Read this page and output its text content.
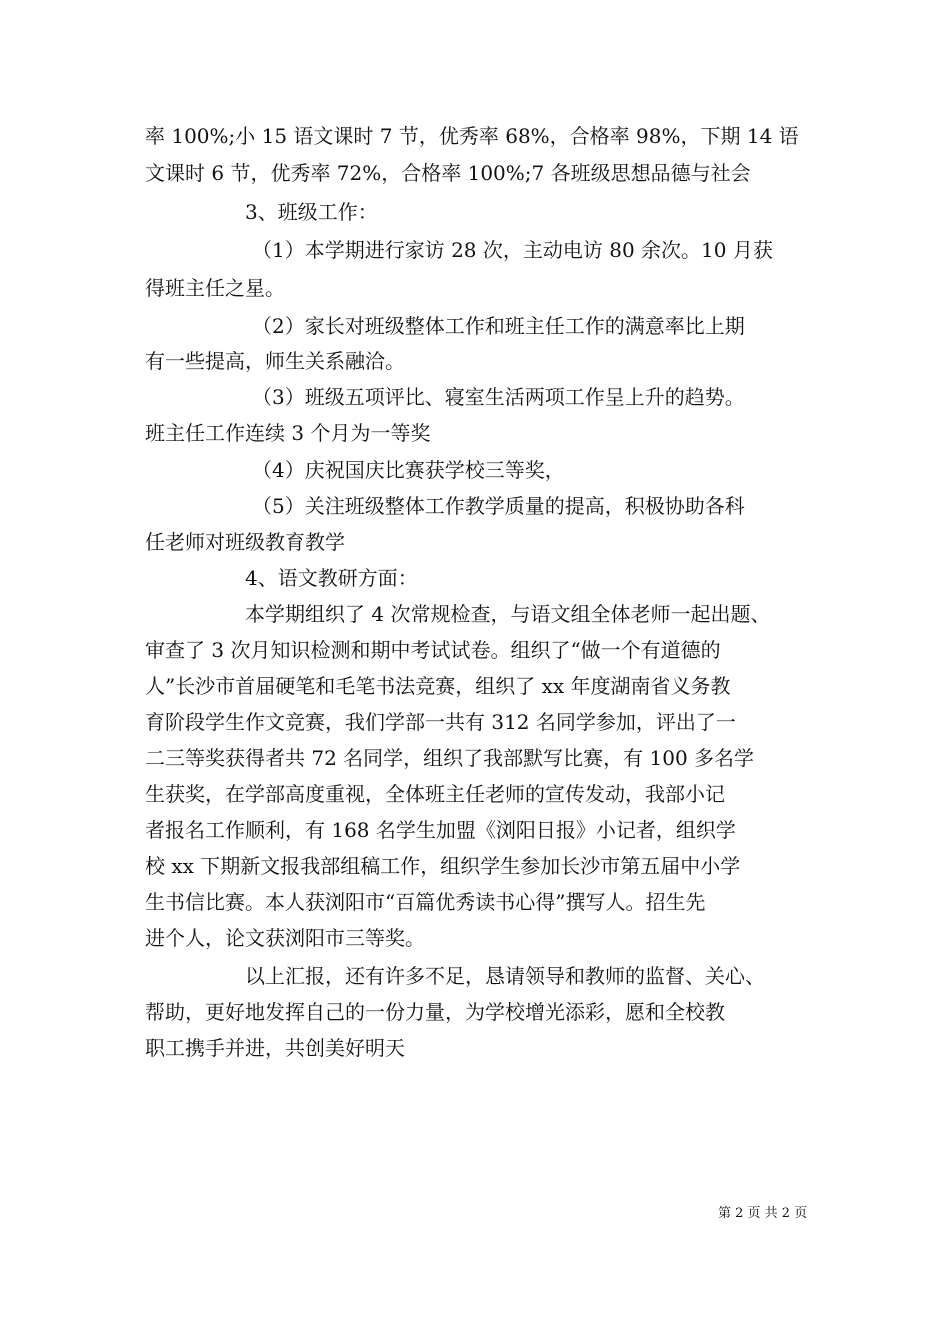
率 100%;小 15 语文课时 7 节，优秀率 68%，合格率 98%，下期 14 语
文课时 6 节，优秀率 72%，合格率 100%;7 各班级思想品德与社会
3、班级工作：
（1）本学期进行家访 28 次，主动电访 80 余次。10 月获
得班主任之星。
（2）家长对班级整体工作和班主任工作的满意率比上期
有一些提高，师生关系融洽。
（3）班级五项评比、寝室生活两项工作呈上升的趋势。
班主任工作连续 3 个月为一等奖
（4）庆祝国庆比赛获学校三等奖，
（5）关注班级整体工作教学质量的提高，积极协助各科
任老师对班级教育教学
4、语文教研方面：
本学期组织了 4 次常规检查，与语文组全体老师一起出题、
审查了 3 次月知识检测和期中考试试卷。组织了“做一个有道德的
人”长沙市首届硬笔和毛笔书法竞赛，组织了 xx 年度湖南省义务教
育阶段学生作文竞赛，我们学部一共有 312 名同学参加，评出了一
二三等奖获得者共 72 名同学，组织了我部默写比赛，有 100 多名学
生获奖，在学部高度重视，全体班主任老师的宣传发动，我部小记
者报名工作顺利，有 168 名学生加盟《浏阳日报》小记者，组织学
校 xx 下期新文报我部组稿工作，组织学生参加长沙市第五届中小学
生书信比赛。本人获浏阳市“百篇优秀读书心得”撰写人。招生先
进个人，论文获浏阳市三等奖。
以上汇报，还有许多不足，恳请领导和教师的监督、关心、
帮助，更好地发挥自己的一份力量，为学校增光添彩，愿和全校教
职工携手并进，共创美好明天
第 2 页 共 2 页
